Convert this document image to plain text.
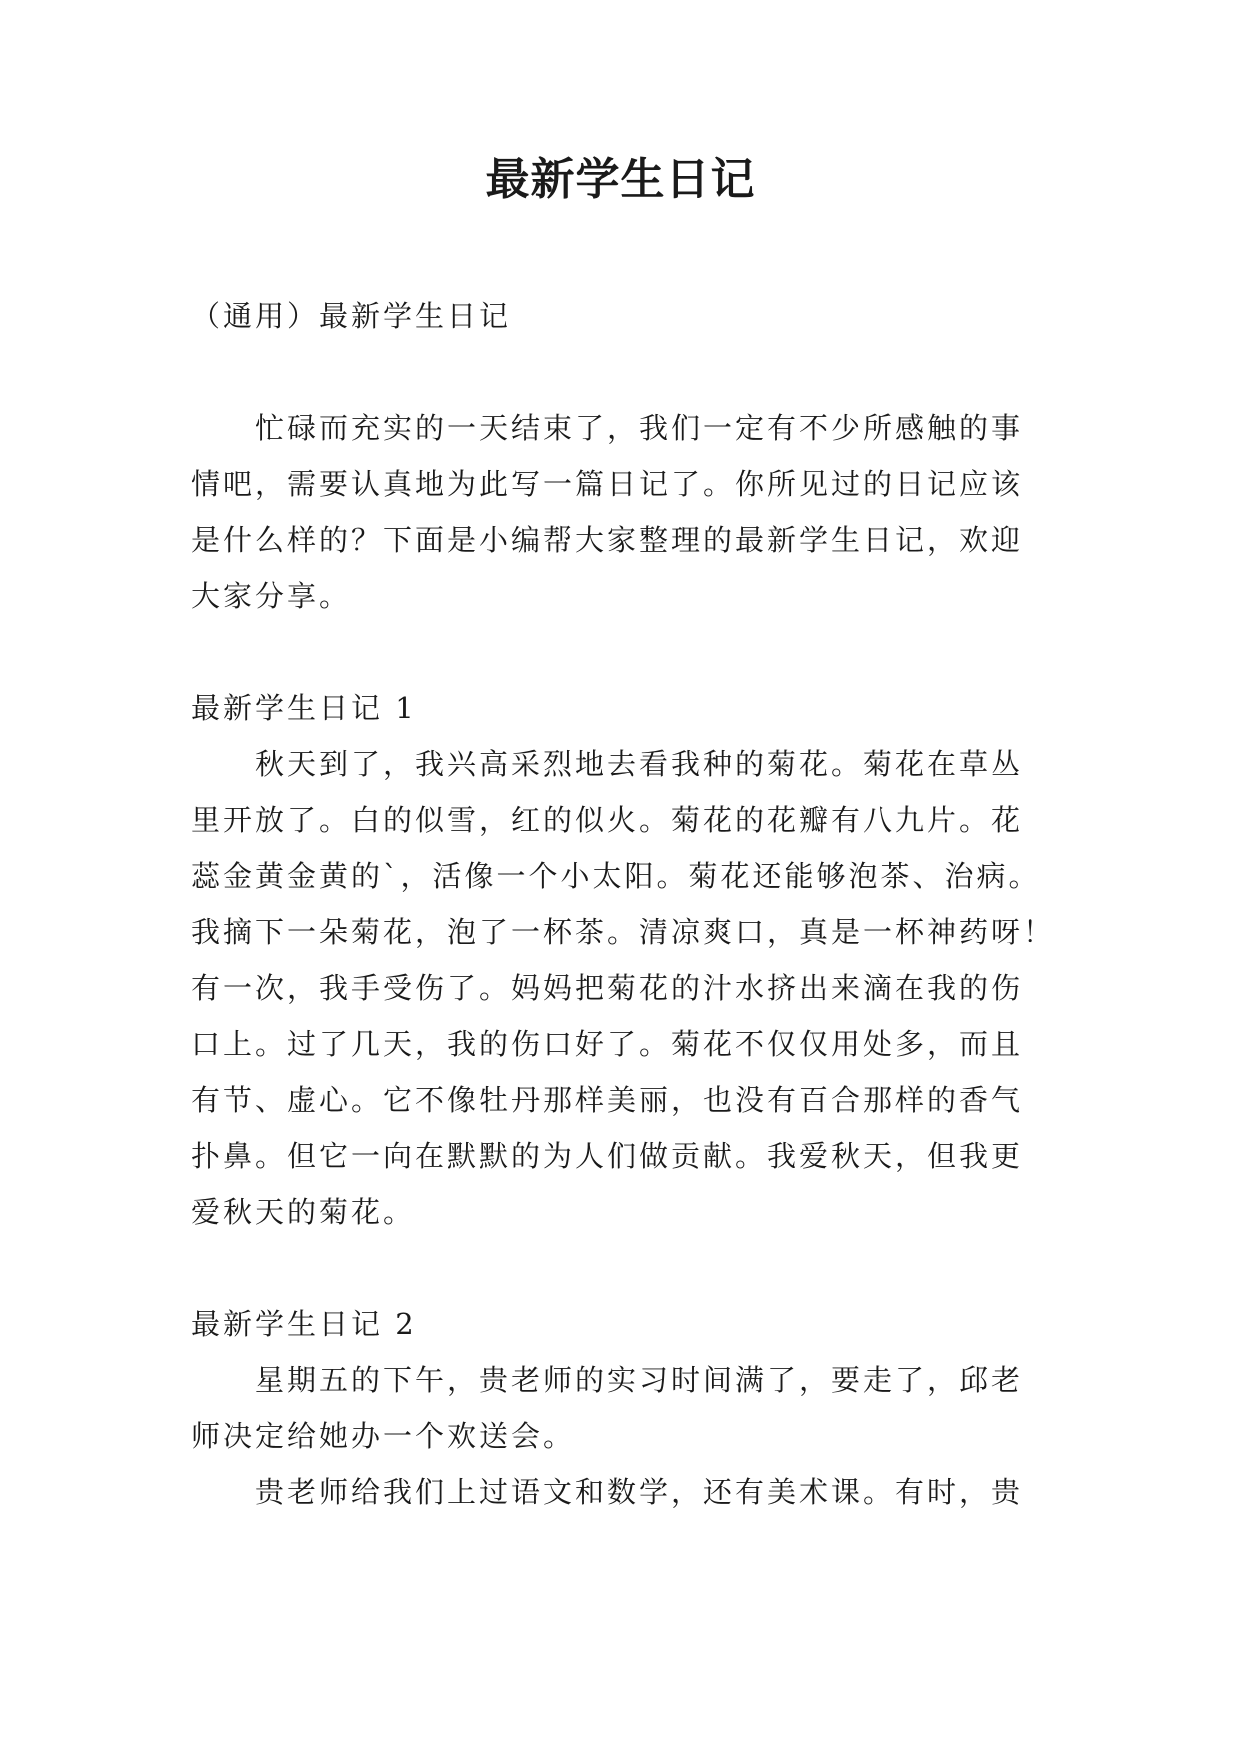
最新学生日记
（通用）最新学生日记
　　忙碌而充实的一天结束了，我们一定有不少所感触的事
情吧，需要认真地为此写一篇日记了。你所见过的日记应该
是什么样的？下面是小编帮大家整理的最新学生日记，欢迎
大家分享。
最新学生日记 1
　　秋天到了，我兴高采烈地去看我种的菊花。菊花在草丛
里开放了。白的似雪，红的似火。菊花的花瓣有八九片。花
蕊金黄金黄的`，活像一个小太阳。菊花还能够泡茶、治病。
我摘下一朵菊花，泡了一杯茶。清凉爽口，真是一杯神药呀！
有一次，我手受伤了。妈妈把菊花的汁水挤出来滴在我的伤
口上。过了几天，我的伤口好了。菊花不仅仅用处多，而且
有节、虚心。它不像牡丹那样美丽，也没有百合那样的香气
扑鼻。但它一向在默默的为人们做贡献。我爱秋天，但我更
爱秋天的菊花。
最新学生日记 2
　　星期五的下午，贵老师的实习时间满了，要走了，邱老
师决定给她办一个欢送会。
　　贵老师给我们上过语文和数学，还有美术课。有时，贵
